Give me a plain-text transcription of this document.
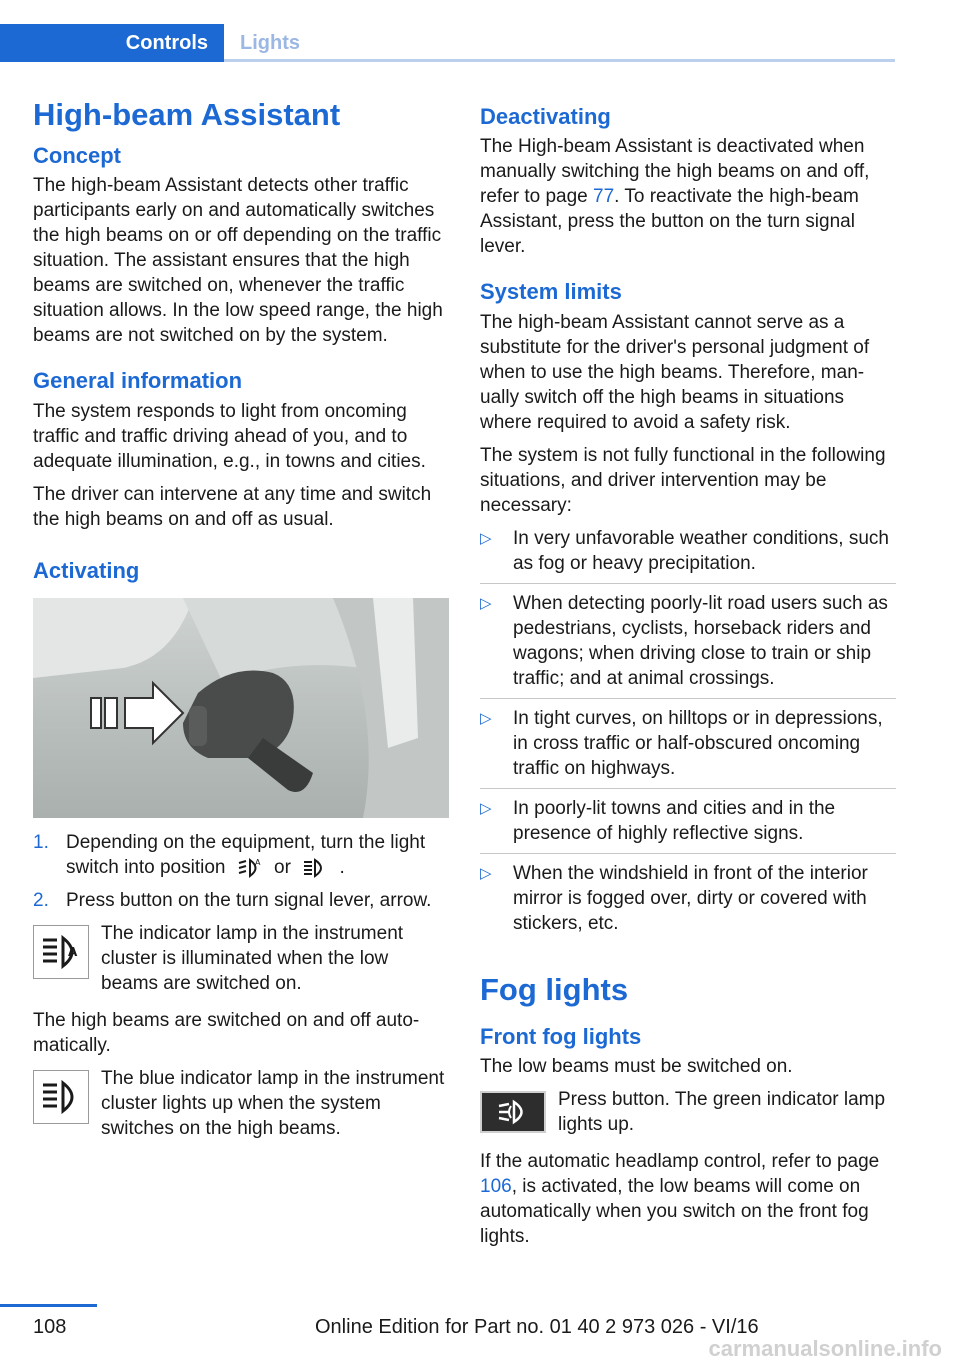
Controls	Lights
High-beam Assistant
Concept

The high-beam Assistant detects other traffic participants early on and automatically switches the high beams on or off depending on the traffic situation. The assistant ensures that the high beams are switched on, whenever the traffic situation allows. In the low speed range, the high beams are not switched on by the system.

General information

The system responds to light from oncoming traffic and traffic driving ahead of you, and to adequate illumination, e.g., in towns and cities.

The driver can intervene at any time and switch the high beams on and off as usual.

Activating
1. Depending on the equipment, turn the light switch into position	A or	.
2. Press button on the turn signal lever, arrow.
A

The indicator lamp in the instrument cluster is illuminated when the low beams are switched on.

The high beams are switched on and off automatically.

The blue indicator lamp in the instrument cluster lights up when the system switches on the high beams.

Deactivating

The High-beam Assistant is deactivated when manually switching the high beams on and off, refer to page 77. To reactivate the high-beam Assistant, press the button on the turn signal lever.

System limits

The high-beam Assistant cannot serve as a substitute for the driver's personal judgment of when to use the high beams. Therefore, manually switch off the high beams in situations where required to avoid a safety risk.

The system is not fully functional in the following situations, and driver intervention may be necessary:

▷ In very unfavorable weather conditions, such as fog or heavy precipitation.
▷ When detecting poorly-lit road users such as pedestrians, cyclists, horseback riders and wagons; when driving close to train or ship traffic; and at animal crossings.
▷ In tight curves, on hilltops or in depressions, in cross traffic or half-obscured oncoming traffic on highways.
▷ In poorly-lit towns and cities and in the presence of highly reflective signs.
▷ When the windshield in front of the interior mirror is fogged over, dirty or covered with stickers, etc.
Fog lights
Front fog lights

The low beams must be switched on.

Press button. The green indicator lamp lights up.

If the automatic headlamp control, refer to page 106, is activated, the low beams will come on automatically when you switch on the front fog lights.

108	Online Edition for Part no. 01 40 2 973 026 - VI/16
carmanualsonline.info
